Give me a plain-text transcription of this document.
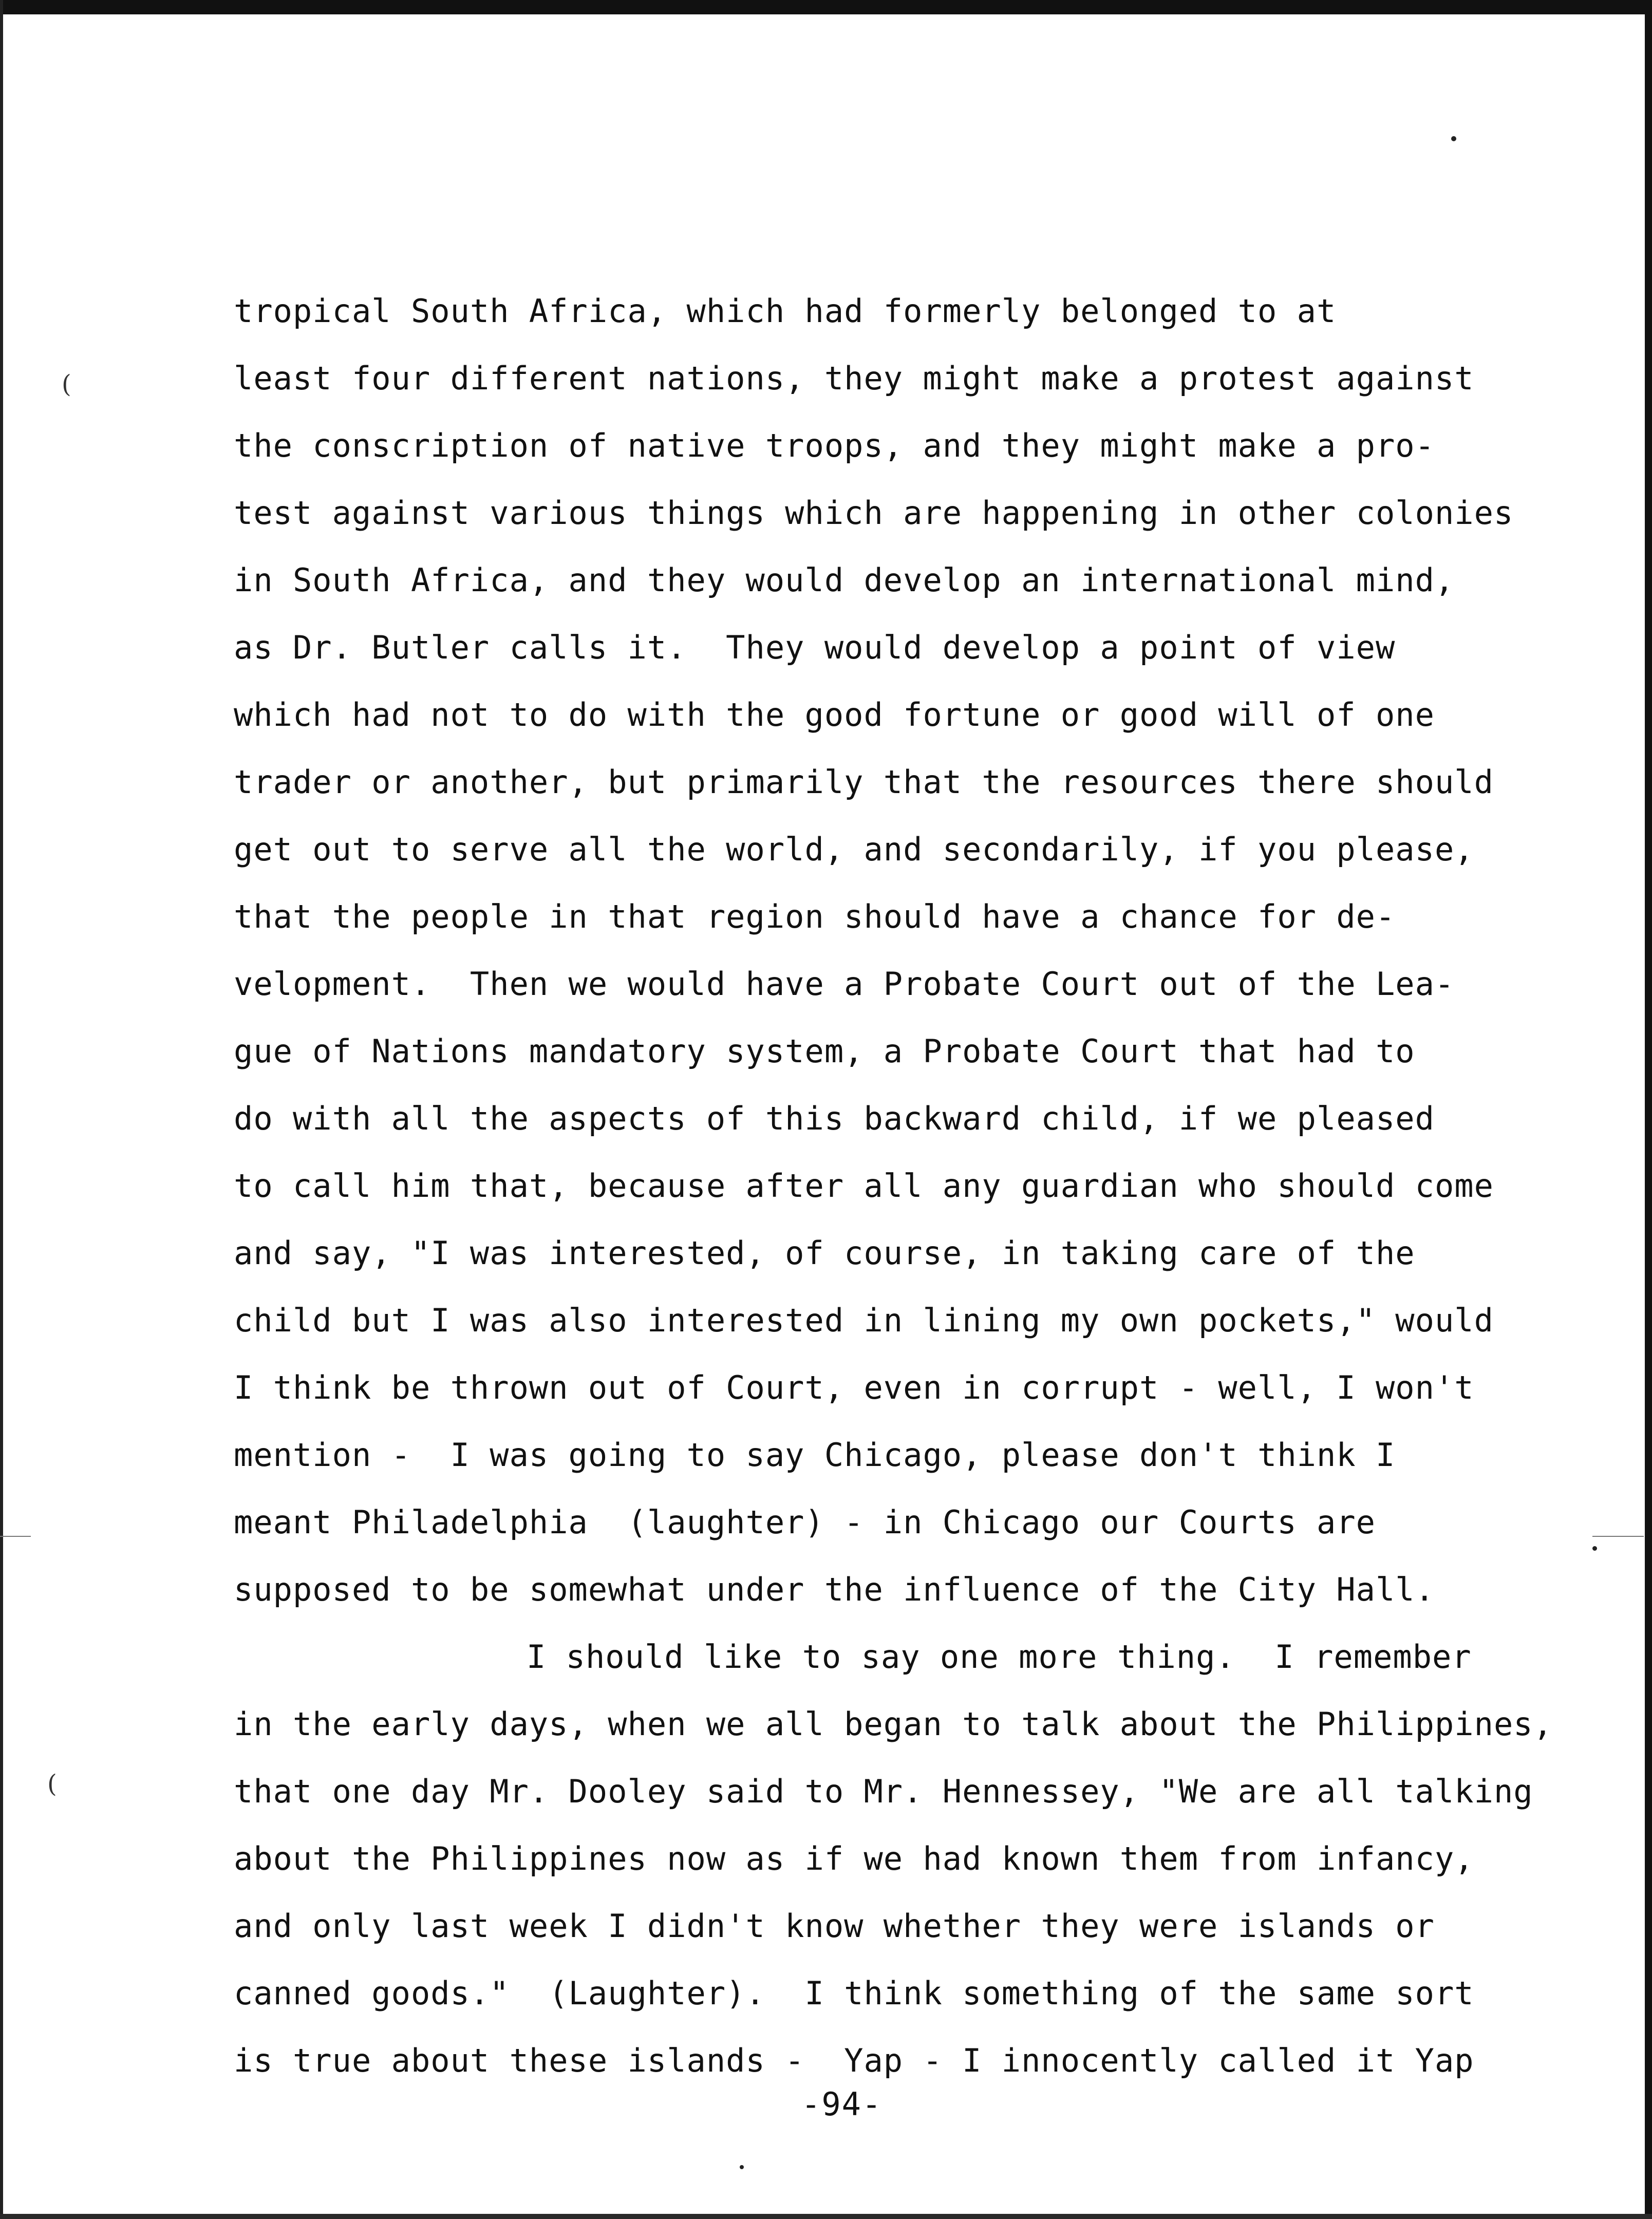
(
(
tropical South Africa, which had formerly belonged to at
least four different nations, they might make a protest against
the conscription of native troops, and they might make a pro-
test against various things which are happening in other colonies
in South Africa, and they would develop an international mind,
as Dr. Butler calls it.  They would develop a point of view
which had not to do with the good fortune or good will of one
trader or another, but primarily that the resources there should
get out to serve all the world, and secondarily, if you please,
that the people in that region should have a chance for de-
velopment.  Then we would have a Probate Court out of the Lea-
gue of Nations mandatory system, a Probate Court that had to
do with all the aspects of this backward child, if we pleased
to call him that, because after all any guardian who should come
and say, "I was interested, of course, in taking care of the
child but I was also interested in lining my own pockets," would
I think be thrown out of Court, even in corrupt - well, I won't
mention -  I was going to say Chicago, please don't think I
meant Philadelphia  (laughter) - in Chicago our Courts are
supposed to be somewhat under the influence of the City Hall.
I should like to say one more thing.  I remember
in the early days, when we all began to talk about the Philippines,
that one day Mr. Dooley said to Mr. Hennessey, "We are all talking
about the Philippines now as if we had known them from infancy,
and only last week I didn't know whether they were islands or
canned goods."  (Laughter).  I think something of the same sort
is true about these islands -  Yap - I innocently called it Yap
-94-
